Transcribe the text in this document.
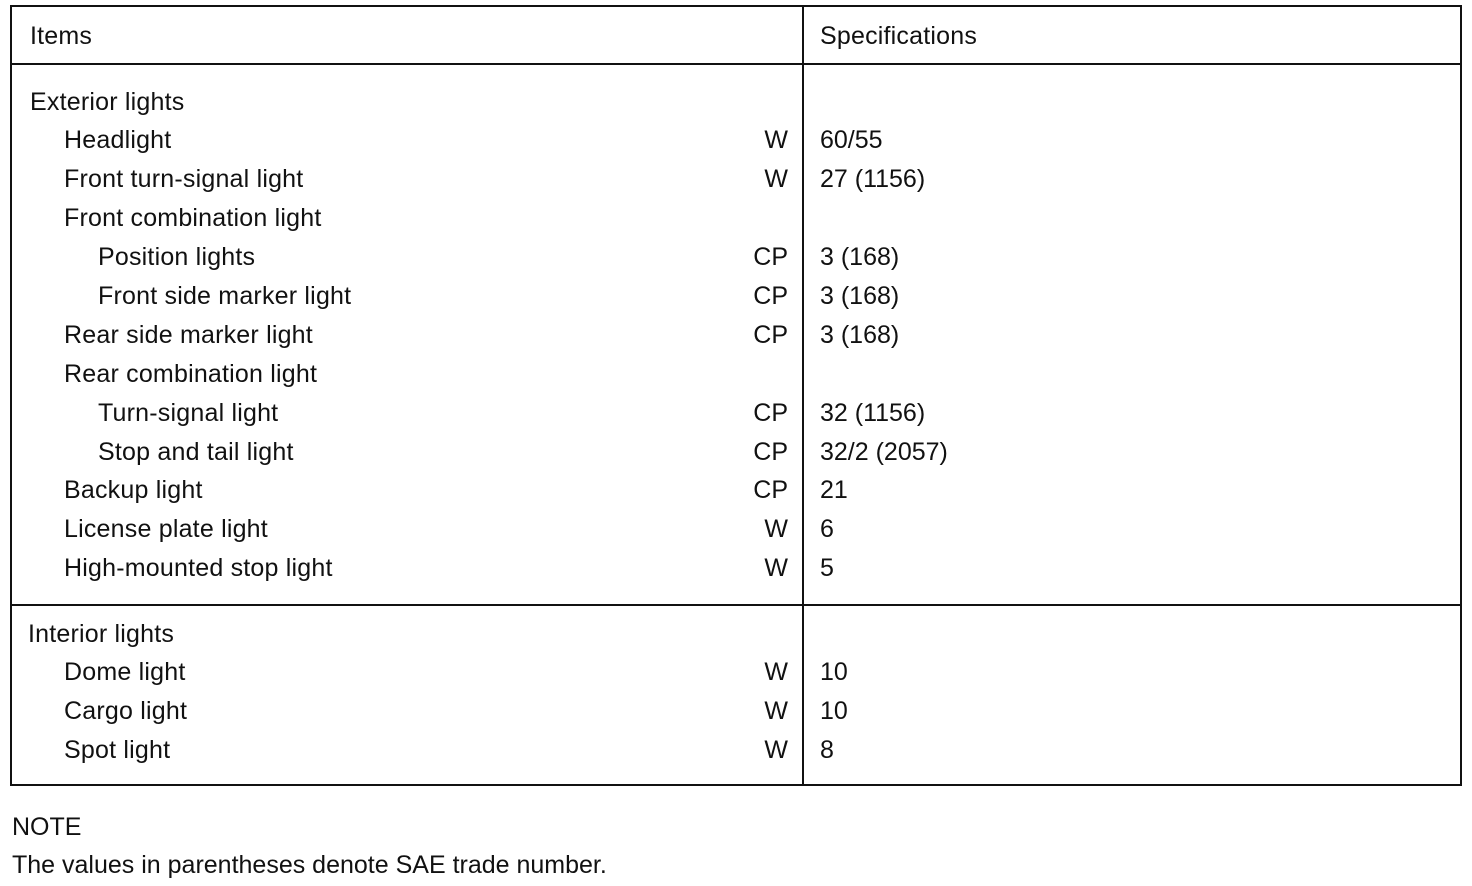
Items	Specifications
Exterior lights
Headlight	W 60/55
Front turn-signal light	W 27 (1156)
Front combination light
Position lights	CP 3 (168)
Front side marker light	CP 3 (168)
Rear side marker light	CP 3 (168)
Rear combination light
Turn-signal light	CP 32 (1156)
Stop and tail light	CP 32/2 (2057)
Backup light	CP 21
License plate light	W 6
High-mounted stop light	W 5
Interior lights
Dome light	W 10
Cargo light	W 10
Spot light	W 8
NOTE
The values in parentheses denote SAE trade number.
